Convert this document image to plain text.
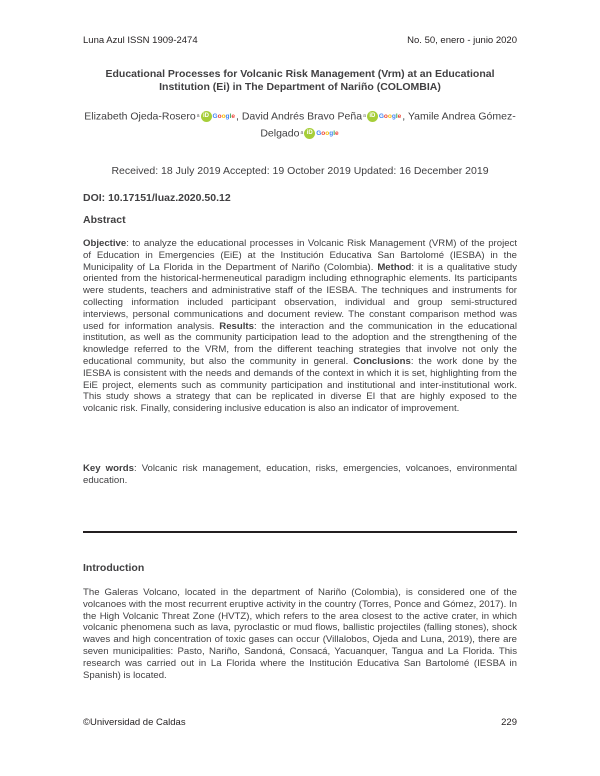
Luna Azul ISSN 1909-2474	No. 50, enero - junio 2020
Educational Processes for Volcanic Risk Management (Vrm) at an Educational Institution (Ei) in The Department of Nariño (COLOMBIA)
Elizabeth Ojeda-Rosero a iD Google , David Andrés Bravo Peña a iD Google , Yamile Andrea Gómez-Delgado a iD Google
Received: 18 July 2019 Accepted: 19 October 2019 Updated: 16 December 2019
DOI: 10.17151/luaz.2020.50.12
Abstract

Objective: to analyze the educational processes in Volcanic Risk Management (VRM) of the project of Education in Emergencies (EiE) at the Institución Educativa San Bartolomé (IESBA) in the Municipality of La Florida in the Department of Nariño (Colombia). Method: it is a qualitative study oriented from the historical-hermeneutical paradigm including ethnographic elements. Its participants were students, teachers and administrative staff of the IESBA. The techniques and instruments for collecting information included participant observation, individual and group semi-structured interviews, personal communications and document review. The constant comparison method was used for information analysis. Results: the interaction and the communication in the educational institution, as well as the community participation lead to the adoption and the strengthening of the knowledge referred to the VRM, from the different teaching strategies that involve not only the educational community, but also the community in general. Conclusions: the work done by the IESBA is consistent with the needs and demands of the context in which it is set, highlighting from the EiE project, elements such as community participation and institutional and inter-institutional work. This study shows a strategy that can be replicated in diverse EI that are highly exposed to the volcanic risk. Finally, considering inclusive education is also an indicator of improvement.

Key words: Volcanic risk management, education, risks, emergencies, volcanoes, environmental education.

Introduction

The Galeras Volcano, located in the department of Nariño (Colombia), is considered one of the volcanoes with the most recurrent eruptive activity in the country (Torres, Ponce and Gómez, 2017). In the High Volcanic Threat Zone (HVTZ), which refers to the area closest to the active crater, in which volcanic phenomena such as lava, pyroclastic or mud flows, ballistic projectiles (falling stones), shock waves and high concentration of toxic gases can occur (Villalobos, Ojeda and Luna, 2019), there are seven municipalities: Pasto, Nariño, Sandoná, Consacá, Yacuanquer, Tangua and La Florida. This research was carried out in La Florida where the Institución Educativa San Bartolomé (IESBA in Spanish) is located.

©Universidad de Caldas	229
